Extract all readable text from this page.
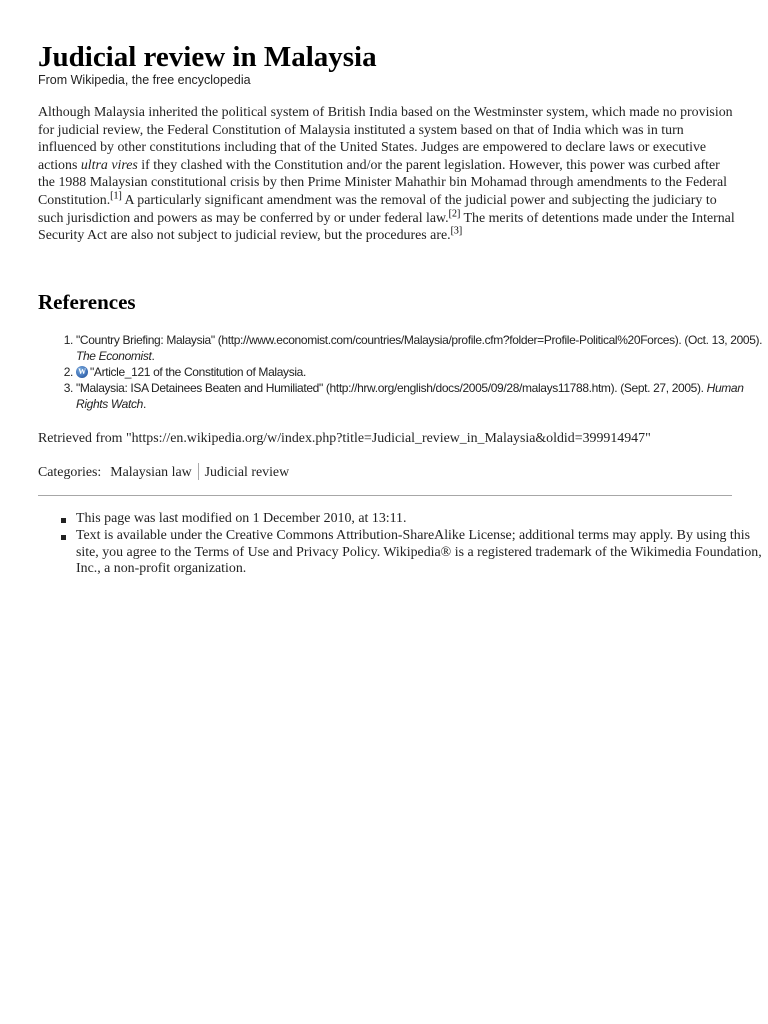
Judicial review in Malaysia
From Wikipedia, the free encyclopedia

Although Malaysia inherited the political system of British India based on the Westminster system, which made no provision for judicial review, the Federal Constitution of Malaysia instituted a system based on that of India which was in turn influenced by other constitutions including that of the United States. Judges are empowered to declare laws or executive actions ultra vires if they clashed with the Constitution and/or the parent legislation. However, this power was curbed after the 1988 Malaysian constitutional crisis by then Prime Minister Mahathir bin Mohamad through amendments to the Federal Constitution.[1] A particularly significant amendment was the removal of the judicial power and subjecting the judiciary to such jurisdiction and powers as may be conferred by or under federal law.[2] The merits of detentions made under the Internal Security Act are also not subject to judicial review, but the procedures are.[3]

References
1. "Country Briefing: Malaysia" (http://www.economist.com/countries/Malaysia/profile.cfm?folder=Profile-Political%20Forces). (Oct. 13, 2005). The Economist.
W2. "Article_121 of the Constitution of Malaysia.
3. "Malaysia: ISA Detainees Beaten and Humiliated" (http://hrw.org/english/docs/2005/09/28/malays11788.htm). (Sept. 27, 2005). Human Rights Watch.
Retrieved from "https://en.wikipedia.org/w/index.php?title=Judicial_review_in_Malaysia&oldid=399914947"
Categories: Malaysian law Judicial review
This page was last modified on 1 December 2010, at 13:11.
Text is available under the Creative Commons Attribution-ShareAlike License; additional terms may apply. By using this site, you agree to the Terms of Use and Privacy Policy. Wikipedia® is a registered trademark of the Wikimedia Foundation, Inc., a non-profit organization.
